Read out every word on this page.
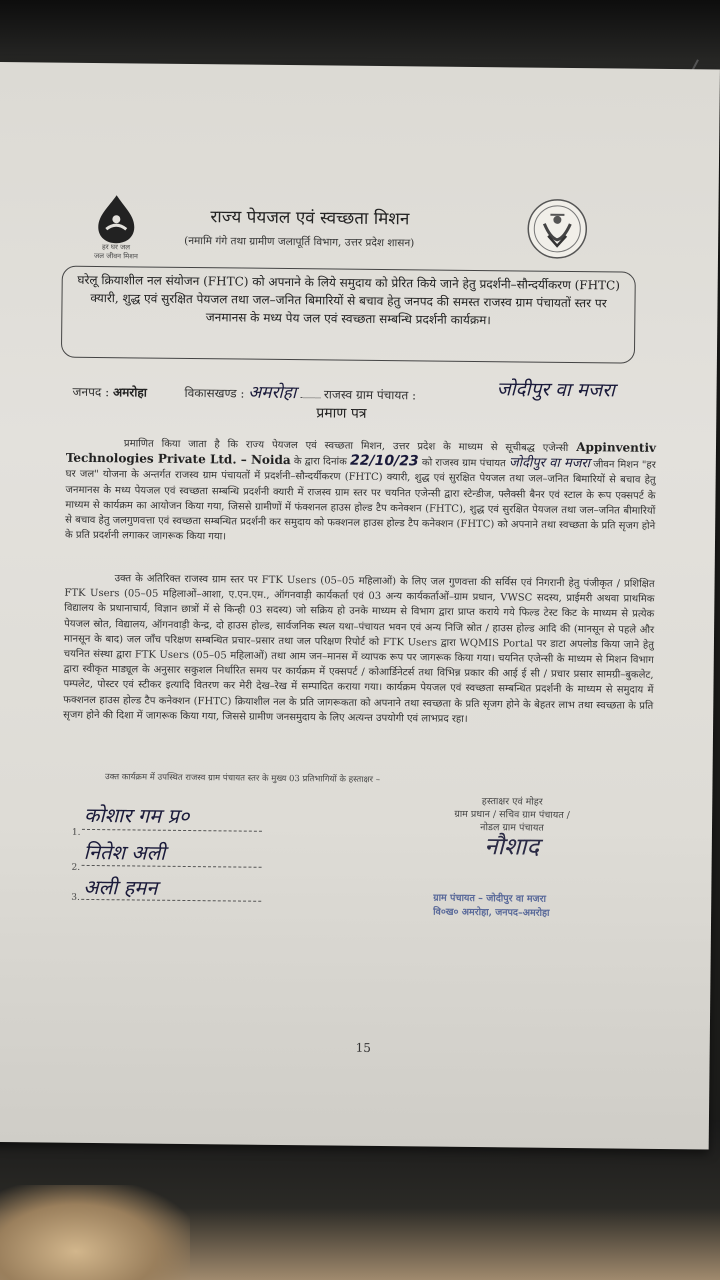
हर घर जल
जल जीवन मिशन
राज्य पेयजल एवं स्वच्छता मिशन
(नमामि गंगे तथा ग्रामीण जलापूर्ति विभाग, उत्तर प्रदेश शासन)
घरेलू क्रियाशील नल संयोजन (FHTC) को अपनाने के लिये समुदाय को प्रेरित किये जाने हेतु प्रदर्शनी–सौन्दर्यीकरण (FHTC) क्यारी, शुद्ध एवं सुरक्षित पेयजल तथा जल–जनित बिमारियों से बचाव हेतु जनपद की समस्त राजस्व ग्राम पंचायतों स्तर पर जनमानस के मध्य पेय जल एवं स्वच्छता सम्बन्धि प्रदर्शनी कार्यक्रम।
जनपद : अमरोहा	विकासखण्ड : अमरोहा राजस्व ग्राम पंचायत :	जोदीपुर वा मजरा
प्रमाण पत्र
प्रमाणित किया जाता है कि राज्य पेयजल एवं स्वच्छता मिशन, उत्तर प्रदेश के माध्यम से सूचीबद्ध एजेन्सी Appinventiv Technologies Private Ltd. – Noida के द्वारा दिनांक 22/10/23 को राजस्व ग्राम पंचायत जोदीपुर वा मजरा जीवन मिशन "हर घर जल" योजना के अन्तर्गत राजस्व ग्राम पंचायतों में प्रदर्शनी–सौन्दर्यीकरण (FHTC) क्यारी, शुद्ध एवं सुरक्षित पेयजल तथा जल–जनित बिमारियों से बचाव हेतु जनमानस के मध्य पेयजल एवं स्वच्छता सम्बन्धि प्रदर्शनी क्यारी में राजस्व ग्राम स्तर पर चयनित एजेन्सी द्वारा स्टेन्डीज, फ्लैक्सी बैनर एवं स्टाल के रूप एक्सपर्ट के माध्यम से कार्यक्रम का आयोजन किया गया, जिससे ग्रामीणों में फंक्शनल हाउस होल्ड टैप कनेक्शन (FHTC), शुद्ध एवं सुरक्षित पेयजल तथा जल–जनित बीमारियों से बचाव हेतु जलगुणवत्ता एवं स्वच्छता सम्बन्धित प्रदर्शनी कर समुदाय को फक्शनल हाउस होल्ड टैप कनेक्शन (FHTC) को अपनाने तथा स्वच्छता के प्रति सृजग होने के प्रति प्रदर्शनी लगाकर जागरूक किया गया।
उक्त के अतिरिक्त राजस्व ग्राम स्तर पर FTK Users (05–05 महिलाओं) के लिए जल गुणवत्ता की सर्विस एवं निगरानी हेतु पंजीकृत / प्रशिक्षित FTK Users (05–05 महिलाओं–आशा, ए.एन.एम., ऑगनवाड़ी कार्यकर्ता एवं 03 अन्य कार्यकर्ताओं–ग्राम प्रधान, VWSC सदस्य, प्राईमरी अथवा प्राथमिक विद्यालय के प्रधानाचार्य, विज्ञान छात्रों में से किन्ही 03 सदस्य) जो सक्रिय हो उनके माध्यम से विभाग द्वारा प्राप्त कराये गये फिल्ड टेस्ट किट के माध्यम से प्रत्येक पेयजल स्रोत, विद्यालय, ऑगनवाड़ी केन्द्र, दो हाउस होल्ड, सार्वजनिक स्थल यथा–पंचायत भवन एवं अन्य निजि स्रोत / हाउस होल्ड आदि की (मानसून से पहले और मानसून के बाद) जल जाँच परिक्षण सम्बन्धित प्रचार–प्रसार तथा जल परिक्षण रिपोर्ट को FTK Users द्वारा WQMIS Portal पर डाटा अपलोड किया जाने हेतु चयनित संस्था द्वारा FTK Users (05–05 महिलाओं) तथा आम जन–मानस में व्यापक रूप पर जागरूक किया गया। चयनित एजेन्सी के माध्यम से मिशन विभाग द्वारा स्वीकृत माड्यूल के अनुसार सकुशल निर्धारित समय पर कार्यक्रम में एक्सपर्ट / कोआर्डिनेटर्स तथा विभिन्न प्रकार की आई ई सी / प्रचार प्रसार सामग्री–बुकलेट, पम्पलेट, पोस्टर एवं स्टीकर इत्यादि वितरण कर मेरी देख–रेख में सम्पादित कराया गया। कार्यक्रम पेयजल एवं स्वच्छता सम्बन्धित प्रदर्शनी के माध्यम से समुदाय में फक्शनल हाउस होल्ड टैप कनेक्शन (FHTC) क्रियाशील नल के प्रति जागरूकता को अपनाने तथा स्वच्छता के प्रति सृजग होने के बेहतर लाभ तथा स्वच्छता के प्रति सृजग होने की दिशा में जागरूक किया गया, जिससे ग्रामीण जनसमुदाय के लिए अत्यन्त उपयोगी एवं लाभप्रद रहा।
उक्त कार्यक्रम में उपस्थित राजस्व ग्राम पंचायत स्तर के मुख्य 03 प्रतिभागियों के हस्ताक्षर –
1.
कोशार गम प्र०
2.
नितेश अली
3. अली हमन
हस्ताक्षर एवं मोहर
ग्राम प्रधान / सचिव ग्राम पंचायत /
नोडल ग्राम पंचायत
नौशाद
ग्राम पंचायत – जोदीपुर वा मजरा
वि०ख० अमरोहा, जनपद–अमरोहा
15
